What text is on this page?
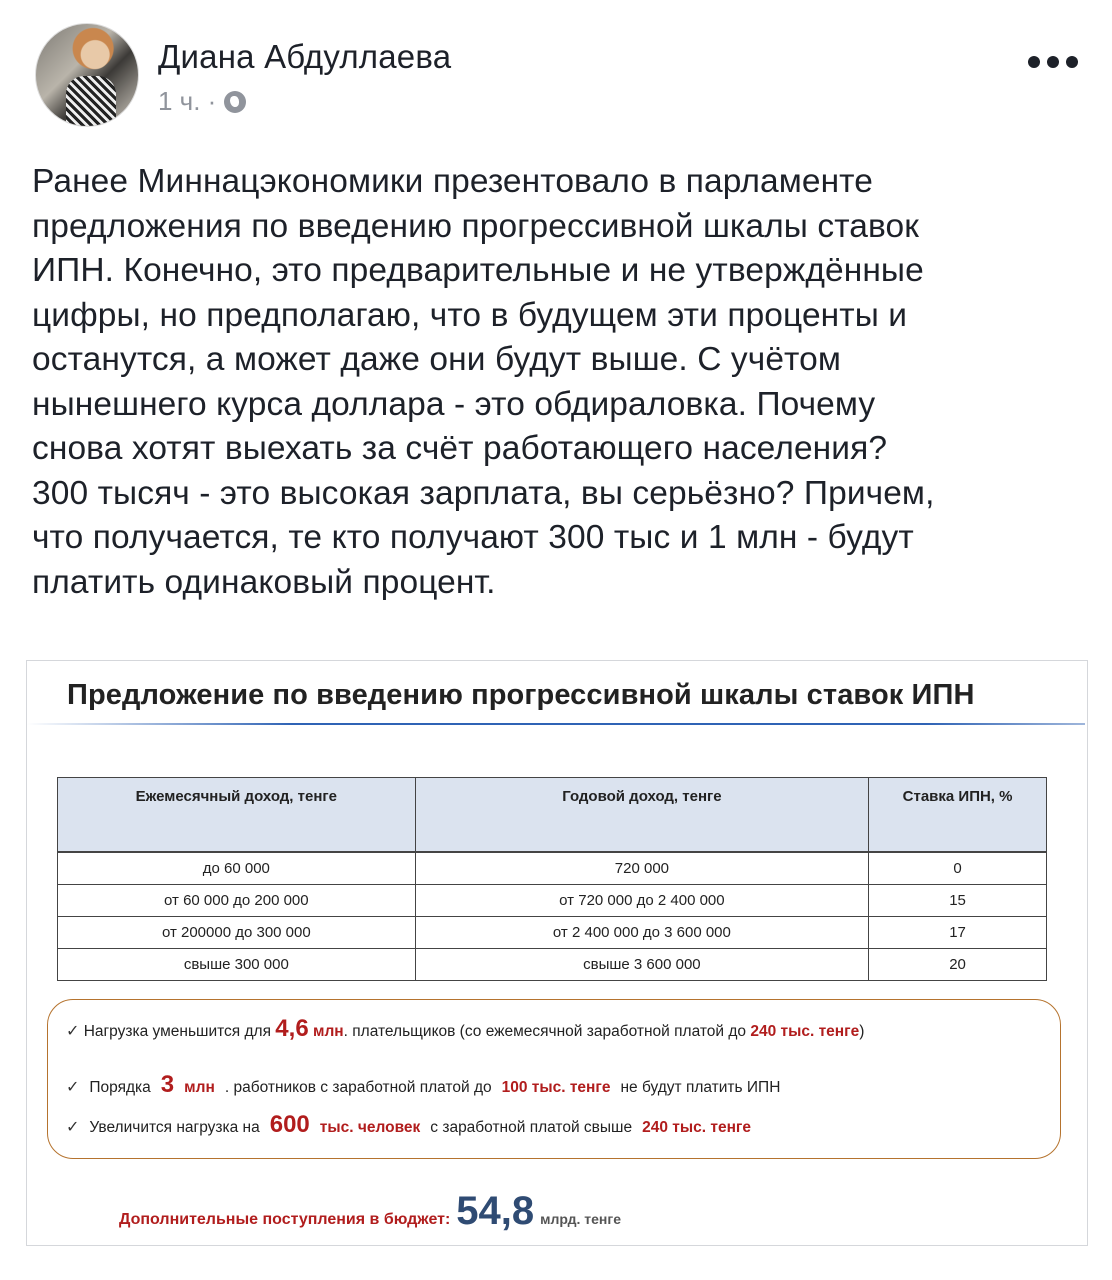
Диана Абдуллаева
1 ч. ·
Ранее Миннацэкономики презентовало в парламенте
предложения по введению прогрессивной шкалы ставок
ИПН. Конечно, это предварительные и не утверждённые
цифры, но предполагаю, что в будущем эти проценты и
останутся, а может даже они будут выше. С учётом
нынешнего курса доллара - это обдираловка. Почему
снова хотят выехать за счёт работающего населения?
300 тысяч - это высокая зарплата, вы серьёзно? Причем,
что получается, те кто получают 300 тыс и 1 млн - будут
платить одинаковый процент.
Предложение по введению прогрессивной шкалы ставок ИПН
Ежемесячный доход, тенге	Годовой доход, тенге	Ставка ИПН, %
до 60 000	720 000	0
от 60 000 до 200 000	от 720 000 до 2 400 000	15
от 200000 до 300 000	от 2 400 000 до 3 600 000	17
свыше 300 000	свыше 3 600 000	20
✓ Нагрузка уменьшится для 4,6 млн. плательщиков (со ежемесячной заработной платой до 240 тыс. тенге)
✓ Порядка 3 млн . работников с заработной платой до 100 тыс. тенге не будут платить ИПН
✓ Увеличится нагрузка на 600 тыс. человек с заработной платой свыше 240 тыс. тенге
Дополнительные поступления в бюджет: 54,8 млрд. тенге
